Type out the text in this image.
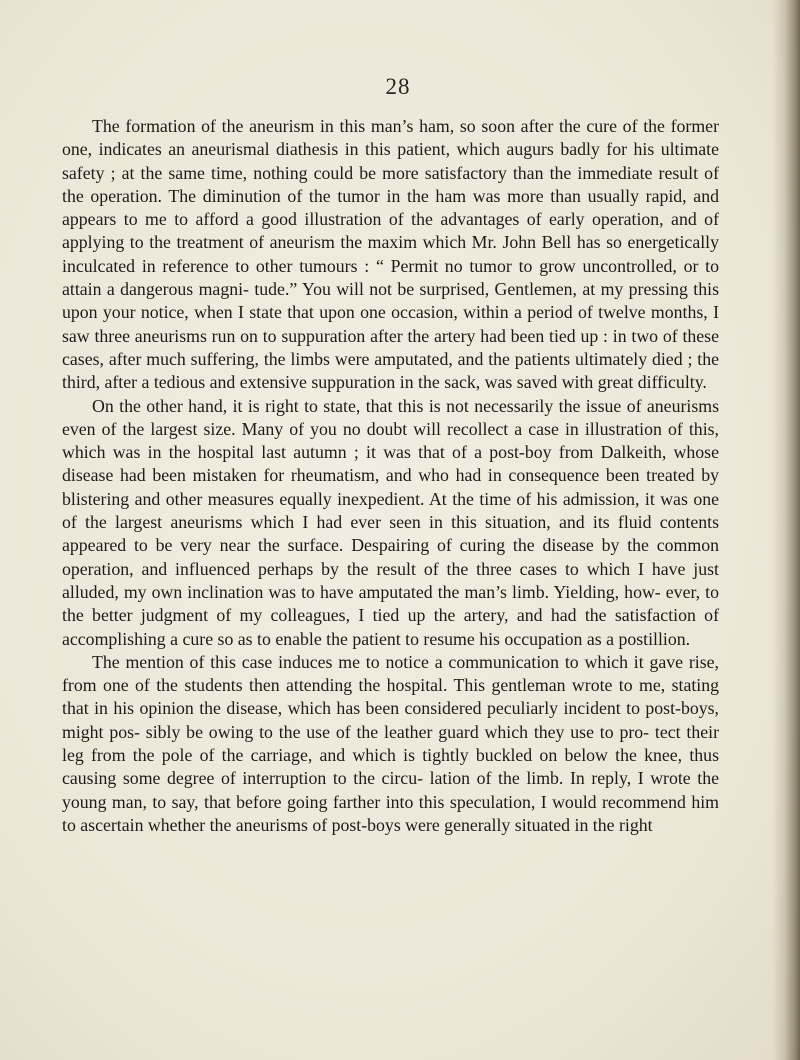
28

The formation of the aneurism in this man’s ham, so soon after the cure of the former one, indicates an aneurismal diathesis in this patient, which augurs badly for his ultimate safety ; at the same time, nothing could be more satisfactory than the immediate result of the operation. The diminution of the tumor in the ham was more than usually rapid, and appears to me to afford a good illustration of the advantages of early operation, and of applying to the treatment of aneurism the maxim which Mr. John Bell has so energetically inculcated in reference to other tumours : “ Permit no tumor to grow uncontrolled, or to attain a dangerous magni- tude.” You will not be surprised, Gentlemen, at my pressing this upon your notice, when I state that upon one occasion, within a period of twelve months, I saw three aneurisms run on to suppuration after the artery had been tied up : in two of these cases, after much suffering, the limbs were amputated, and the patients ultimately died ; the third, after a tedious and extensive suppuration in the sack, was saved with great difficulty.

On the other hand, it is right to state, that this is not necessarily the issue of aneurisms even of the largest size. Many of you no doubt will recollect a case in illustration of this, which was in the hospital last autumn ; it was that of a post-boy from Dalkeith, whose disease had been mistaken for rheumatism, and who had in consequence been treated by blistering and other measures equally inexpedient. At the time of his admission, it was one of the largest aneurisms which I had ever seen in this situation, and its fluid contents appeared to be very near the surface. Despairing of curing the disease by the common operation, and influenced perhaps by the result of the three cases to which I have just alluded, my own inclination was to have amputated the man’s limb. Yielding, how- ever, to the better judgment of my colleagues, I tied up the artery, and had the satisfaction of accomplishing a cure so as to enable the patient to resume his occupation as a postillion.

The mention of this case induces me to notice a communication to which it gave rise, from one of the students then attending the hospital. This gentleman wrote to me, stating that in his opinion the disease, which has been considered peculiarly incident to post-boys, might pos- sibly be owing to the use of the leather guard which they use to pro- tect their leg from the pole of the carriage, and which is tightly buckled on below the knee, thus causing some degree of interruption to the circu- lation of the limb. In reply, I wrote the young man, to say, that before going farther into this speculation, I would recommend him to ascertain whether the aneurisms of post-boys were generally situated in the right
